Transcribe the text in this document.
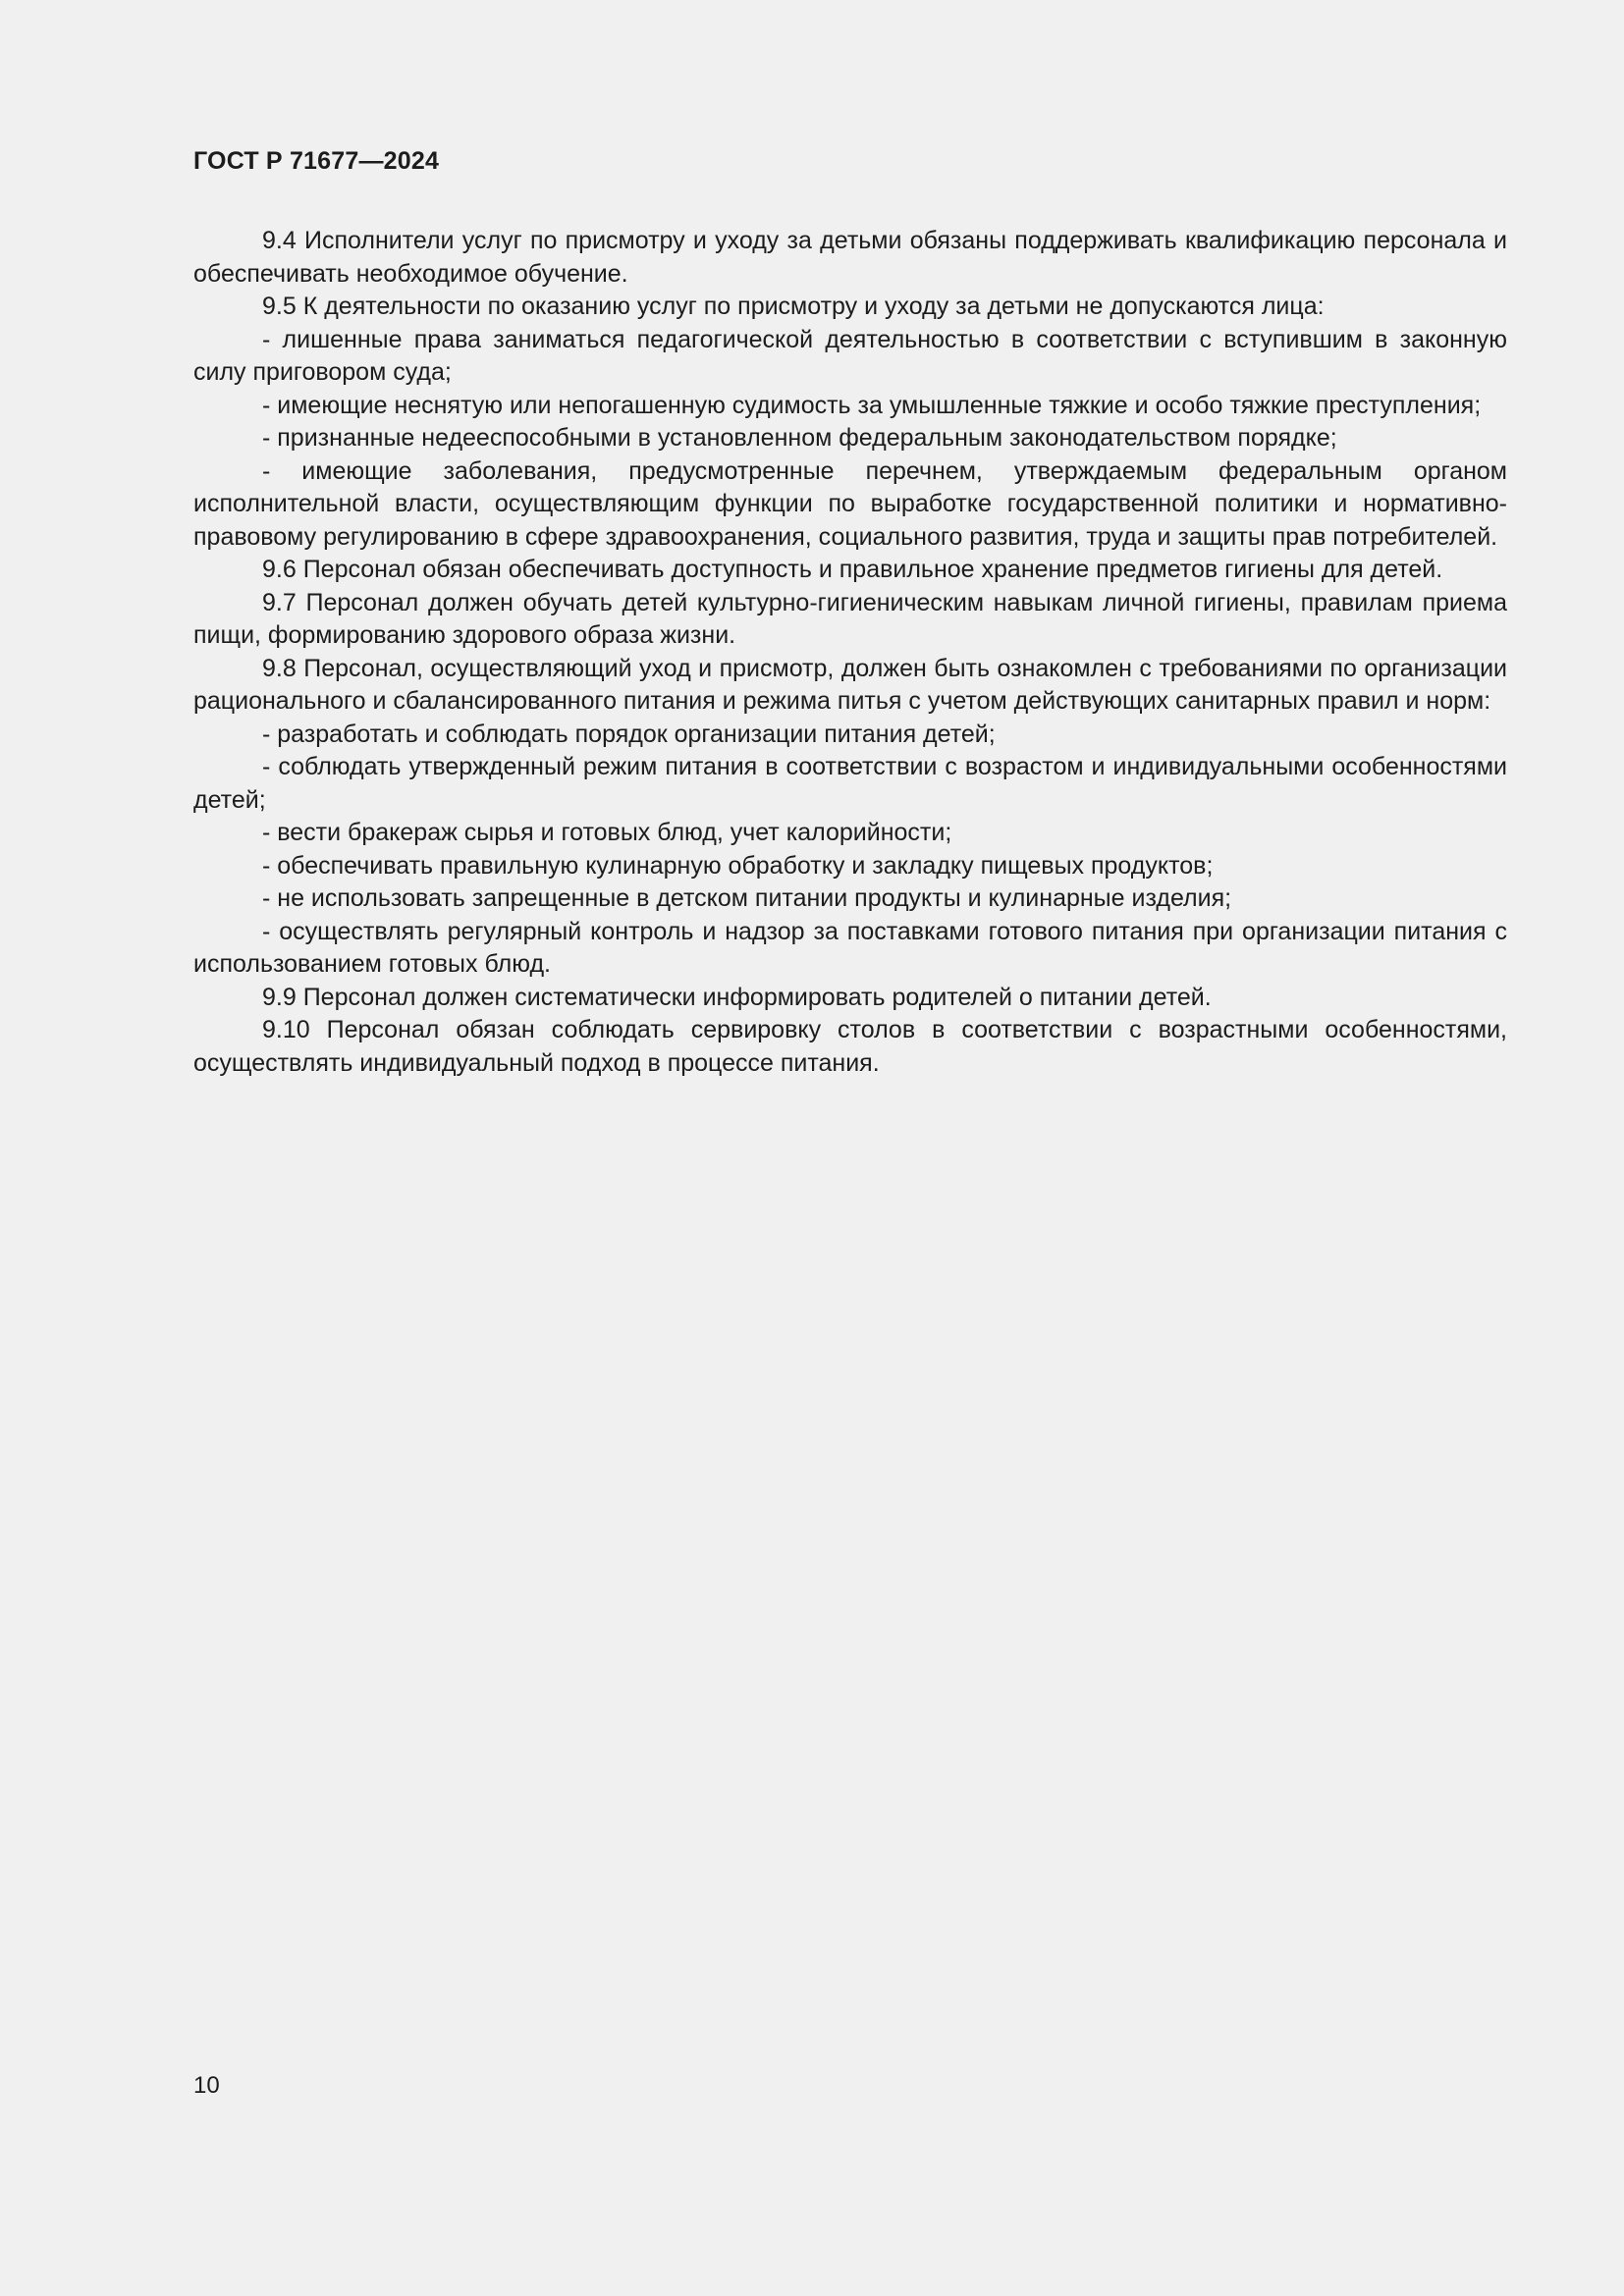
ГОСТ Р 71677—2024

9.4 Исполнители услуг по присмотру и уходу за детьми обязаны поддерживать квалификацию персонала и обеспечивать необходимое обучение.

9.5 К деятельности по оказанию услуг по присмотру и уходу за детьми не допускаются лица:

- лишенные права заниматься педагогической деятельностью в соответствии с вступившим в законную силу приговором суда;

- имеющие неснятую или непогашенную судимость за умышленные тяжкие и особо тяжкие преступления;

- признанные недееспособными в установленном федеральным законодательством порядке;

- имеющие заболевания, предусмотренные перечнем, утверждаемым федеральным органом исполнительной власти, осуществляющим функции по выработке государственной политики и нормативно-правовому регулированию в сфере здравоохранения, социального развития, труда и защиты прав потребителей.

9.6 Персонал обязан обеспечивать доступность и правильное хранение предметов гигиены для детей.

9.7 Персонал должен обучать детей культурно-гигиеническим навыкам личной гигиены, правилам приема пищи, формированию здорового образа жизни.

9.8 Персонал, осуществляющий уход и присмотр, должен быть ознакомлен с требованиями по организации рационального и сбалансированного питания и режима питья с учетом действующих санитарных правил и норм:

- разработать и соблюдать порядок организации питания детей;

- соблюдать утвержденный режим питания в соответствии с возрастом и индивидуальными особенностями детей;

- вести бракераж сырья и готовых блюд, учет калорийности;

- обеспечивать правильную кулинарную обработку и закладку пищевых продуктов;

- не использовать запрещенные в детском питании продукты и кулинарные изделия;

- осуществлять регулярный контроль и надзор за поставками готового питания при организации питания с использованием готовых блюд.

9.9 Персонал должен систематически информировать родителей о питании детей.

9.10 Персонал обязан соблюдать сервировку столов в соответствии с возрастными особенностями, осуществлять индивидуальный подход в процессе питания.

10
